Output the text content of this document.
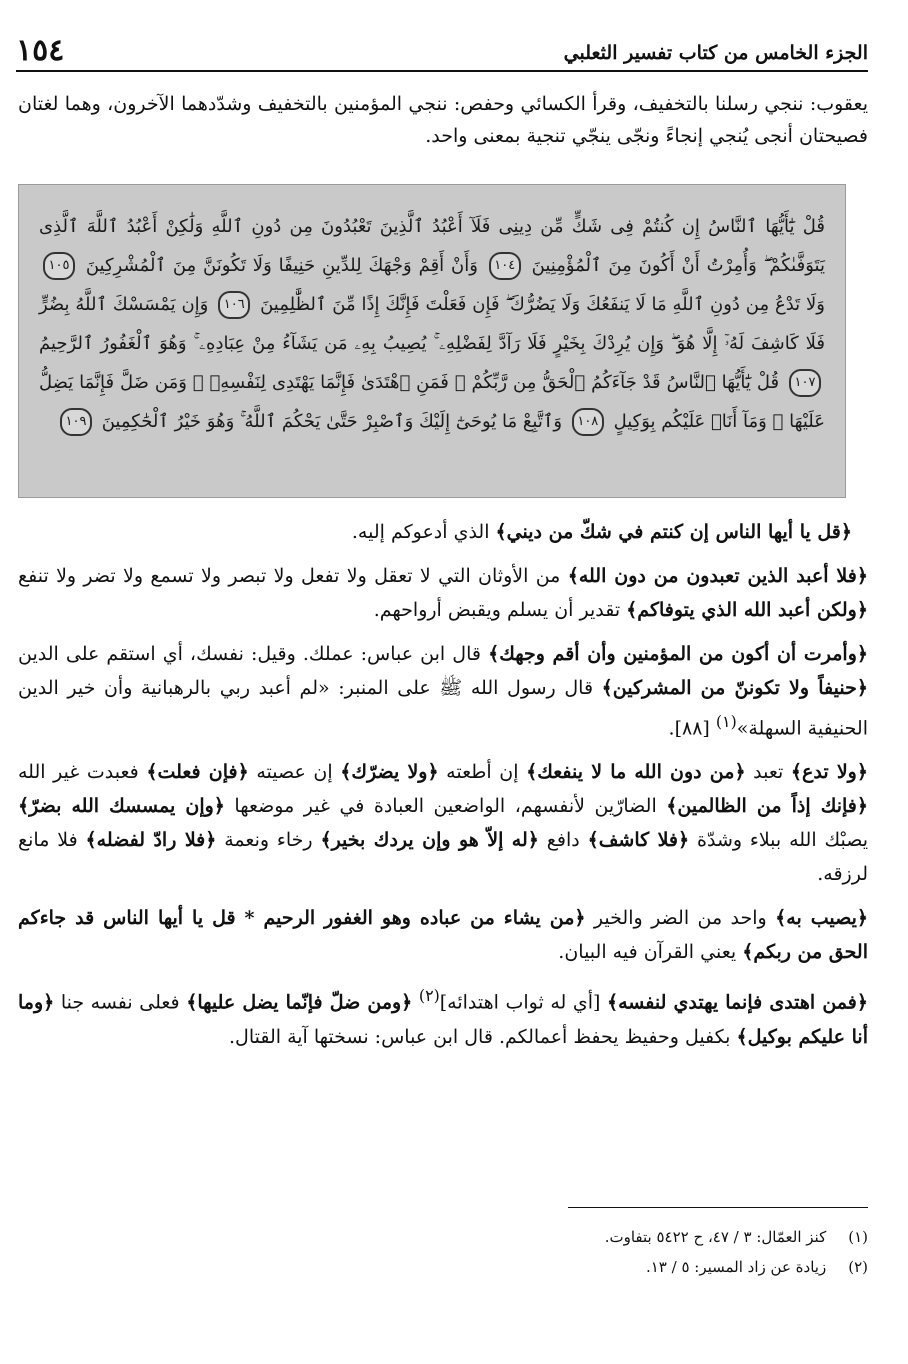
الجزء الخامس من كتاب تفسير الثعلبي
١٥٤

يعقوب: ننجي رسلنا بالتخفيف، وقرأ الكسائي وحفص: ننجي المؤمنين بالتخفيف وشدّدهما الآخرون، وهما لغتان فصيحتان أنجى يُنجي إنجاءً ونجّى ينجّي تنجية بمعنى واحد.

قُلْ يَٰٓأَيُّهَا ٱلنَّاسُ إِن كُنتُمْ فِى شَكٍّ مِّن دِينِى فَلَآ أَعْبُدُ ٱلَّذِينَ تَعْبُدُونَ مِن دُونِ ٱللَّهِ وَلَٰكِنْ أَعْبُدُ ٱللَّهَ ٱلَّذِى يَتَوَفَّىٰكُمْ ۖ وَأُمِرْتُ أَنْ أَكُونَ مِنَ ٱلْمُؤْمِنِينَ ١٠٤ وَأَنْ أَقِمْ وَجْهَكَ لِلدِّينِ حَنِيفًا وَلَا تَكُونَنَّ مِنَ ٱلْمُشْرِكِينَ ١٠٥ وَلَا تَدْعُ مِن دُونِ ٱللَّهِ مَا لَا يَنفَعُكَ وَلَا يَضُرُّكَ ۖ فَإِن فَعَلْتَ فَإِنَّكَ إِذًا مِّنَ ٱلظَّٰلِمِينَ ١٠٦ وَإِن يَمْسَسْكَ ٱللَّهُ بِضُرٍّ فَلَا كَاشِفَ لَهُۥٓ إِلَّا هُوَ ۖ وَإِن يُرِدْكَ بِخَيْرٍ فَلَا رَآدَّ لِفَضْلِهِۦ ۚ يُصِيبُ بِهِۦ مَن يَشَآءُ مِنْ عِبَادِهِۦ ۚ وَهُوَ ٱلْغَفُورُ ٱلرَّحِيمُ ١٠٧ قُلْ يَٰٓأَيُّهَا ٱلنَّاسُ قَدْ جَآءَكُمُ ٱلْحَقُّ مِن رَّبِّكُمْ ۖ فَمَنِ ٱهْتَدَىٰ فَإِنَّمَا يَهْتَدِى لِنَفْسِهِۦ ۖ وَمَن ضَلَّ فَإِنَّمَا يَضِلُّ عَلَيْهَا ۖ وَمَآ أَنَا۠ عَلَيْكُم بِوَكِيلٍ ١٠٨ وَٱتَّبِعْ مَا يُوحَىٰٓ إِلَيْكَ وَٱصْبِرْ حَتَّىٰ يَحْكُمَ ٱللَّهُ ۚ وَهُوَ خَيْرُ ٱلْحَٰكِمِينَ ١٠٩

﴿قل يا أيها الناس إن كنتم في شكّ من ديني﴾ الذي أدعوكم إليه.

﴿فلا أعبد الذين تعبدون من دون الله﴾ من الأوثان التي لا تعقل ولا تفعل ولا تبصر ولا تسمع ولا تضر ولا تنفع ﴿ولكن أعبد الله الذي يتوفاكم﴾ تقدير أن يسلم ويقبض أرواحهم.

﴿وأمرت أن أكون من المؤمنين وأن أقم وجهك﴾ قال ابن عباس: عملك. وقيل: نفسك، أي استقم على الدين ﴿حنيفاً ولا تكوننّ من المشركين﴾ قال رسول الله ﷺ على المنبر: «لم أعبد ربي بالرهبانية وأن خير الدين الحنيفية السهلة»$^{(١)}$ [٨٨].

﴿ولا تدع﴾ تعبد ﴿من دون الله ما لا ينفعك﴾ إن أطعته ﴿ولا يضرّك﴾ إن عصيته ﴿فإن فعلت﴾ فعبدت غير الله ﴿فإنك إذاً من الظالمين﴾ الضارّين لأنفسهم، الواضعين العبادة في غير موضعها ﴿وإن يمسسك الله بضرّ﴾ يصبْك الله ببلاء وشدّة ﴿فلا كاشف﴾ دافع ﴿له إلاّ هو وإن يردك بخير﴾ رخاء ونعمة ﴿فلا رادّ لفضله﴾ فلا مانع لرزقه.

﴿يصيب به﴾ واحد من الضر والخير ﴿من يشاء من عباده وهو الغفور الرحيم * قل يا أيها الناس قد جاءكم الحق من ربكم﴾ يعني القرآن فيه البيان.

﴿فمن اهتدى فإنما يهتدي لنفسه﴾ [أي له ثواب اهتدائه]$^{(٢)}$ ﴿ومن ضلّ فإنّما يضل عليها﴾ فعلى نفسه جنا ﴿وما أنا عليكم بوكيل﴾ بكفيل وحفيظ يحفظ أعمالكم. قال ابن عباس: نسختها آية القتال.

(١)كنز العمّال: ٣ / ٤٧، ح ٥٤٢٢ بتفاوت.

(٢)زيادة عن زاد المسير: ٥ / ١٣.
